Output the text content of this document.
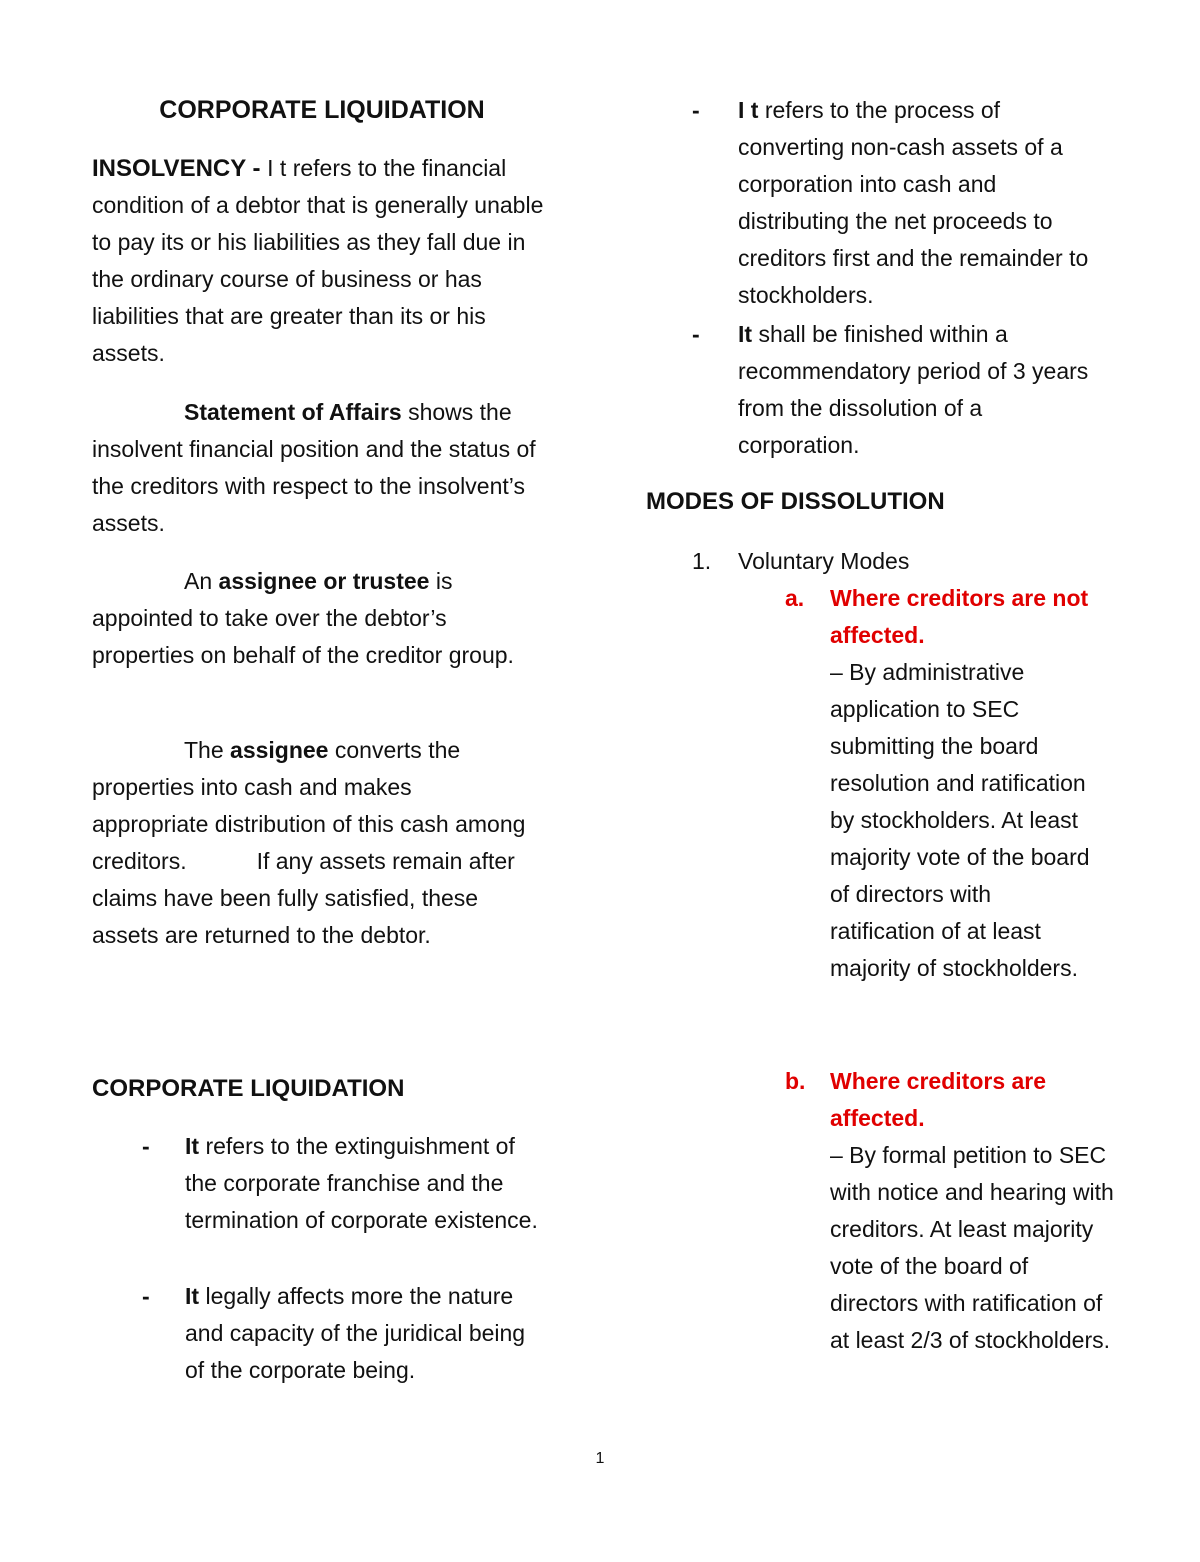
CORPORATE LIQUIDATION

INSOLVENCY - I t refers to the financial condition of a debtor that is generally unable to pay its or his liabilities as they fall due in the ordinary course of business or has liabilities that are greater than its or his assets.

Statement of Affairs shows the insolvent financial position and the status of the creditors with respect to the insolvent’s assets.

An assignee or trustee is appointed to take over the debtor’s properties on behalf of the creditor group.

The assignee converts the properties into cash and makes appropriate distribution of this cash among creditors.	If any assets remain after claims have been fully satisfied, these assets are returned to the debtor.

CORPORATE LIQUIDATION
- It refers to the extinguishment of the corporate franchise and the termination of corporate existence.

- It legally affects more the nature and capacity of the juridical being of the corporate being.

- I t refers to the process of converting non-cash assets of a corporation into cash and distributing the net proceeds to creditors first and the remainder to stockholders.

- It shall be finished within a recommendatory period of 3 years from the dissolution of a corporation.

MODES OF DISSOLUTION
1. Voluntary Modes
a. Where creditors are not affected.
– By administrative application to SEC submitting the board resolution and ratification by stockholders. At least majority vote of the board of directors with ratification of at least majority of stockholders.

b. Where creditors are affected.
– By formal petition to SEC with notice and hearing with creditors. At least majority vote of the board of directors with ratification of at least 2/3 of stockholders.

1
